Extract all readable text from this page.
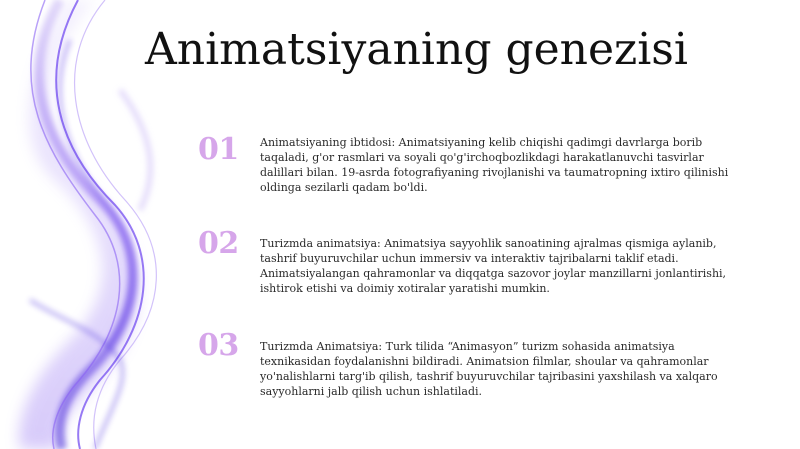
Animatsiyaning genezisi
01	Animatsiyaning ibtidosi: Animatsiyaning kelib chiqishi qadimgi davrlarga borib taqaladi, g'or rasmlari va soyali qo'g'irchoqbozlikdagi harakatlanuvchi tasvirlar dalillari bilan. 19-asrda fotografiyaning rivojlanishi va taumatropning ixtiro qilinishi oldinga sezilarli qadam bo'ldi.
02	Turizmda animatsiya: Animatsiya sayyohlik sanoatining ajralmas qismiga aylanib, tashrif buyuruvchilar uchun immersiv va interaktiv tajribalarni taklif etadi. Animatsiyalangan qahramonlar va diqqatga sazovor joylar manzillarni jonlantirishi, ishtirok etishi va doimiy xotiralar yaratishi mumkin.
03	Turizmda Animatsiya: Turk tilida “Animasyon” turizm sohasida animatsiya texnikasidan foydalanishni bildiradi. Animatsion filmlar, shoular va qahramonlar yo'nalishlarni targ'ib qilish, tashrif buyuruvchilar tajribasini yaxshilash va xalqaro sayyohlarni jalb qilish uchun ishlatiladi.
